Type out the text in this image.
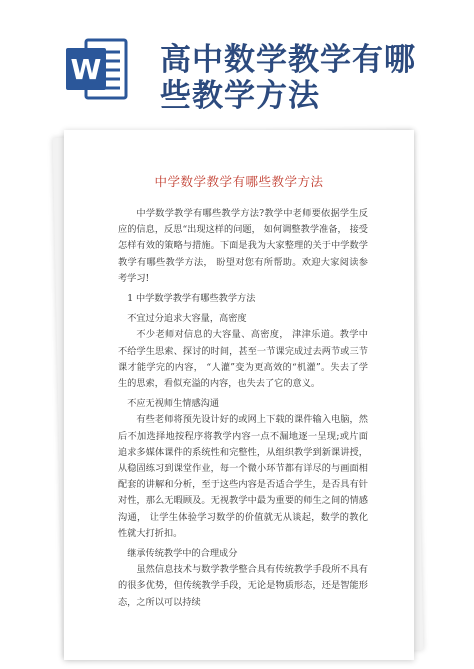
W 高中数学教学有哪
些教学方法
中学数学教学有哪些教学方法

中学数学教学有哪些教学方法?教学中老师要依据学生反应的信息，反思“出现这样的问题， 如何调整教学准备， 接受怎样有效的策略与措施。下面是我为大家整理的关于中学数学教学有哪些教学方法， 盼望对您有所帮助。欢迎大家阅读参考学习!

1 中学数学教学有哪些教学方法

不宜过分追求大容量，高密度

不少老师对信息的大容量、高密度， 津津乐道。教学中不给学生思索、探讨的时间，甚至一节课完成过去两节或三节课才能学完的内容， “人灌”变为更高效的“机灌”。失去了学生的思索，看似充溢的内容，也失去了它的意义。

不应无视师生情感沟通

有些老师将预先设计好的或网上下载的课件输入电脑，然后不加选择地按程序将教学内容一点不漏地逐一呈现;或片面追求多媒体课件的系统性和完整性，从组织教学到新课讲授，从稳固练习到课堂作业，每一个微小环节都有详尽的与画面相配套的讲解和分析，至于这些内容是否适合学生，是否具有针对性，那么无暇顾及。无视教学中最为重要的师生之间的情感沟通， 让学生体验学习数学的价值就无从谈起，数学的教化性就大打折扣。

继承传统教学中的合理成分

虽然信息技术与数学教学整合具有传统教学手段所不具有的很多优势，但传统教学手段，无论是物质形态，还是智能形态，之所以可以持续
